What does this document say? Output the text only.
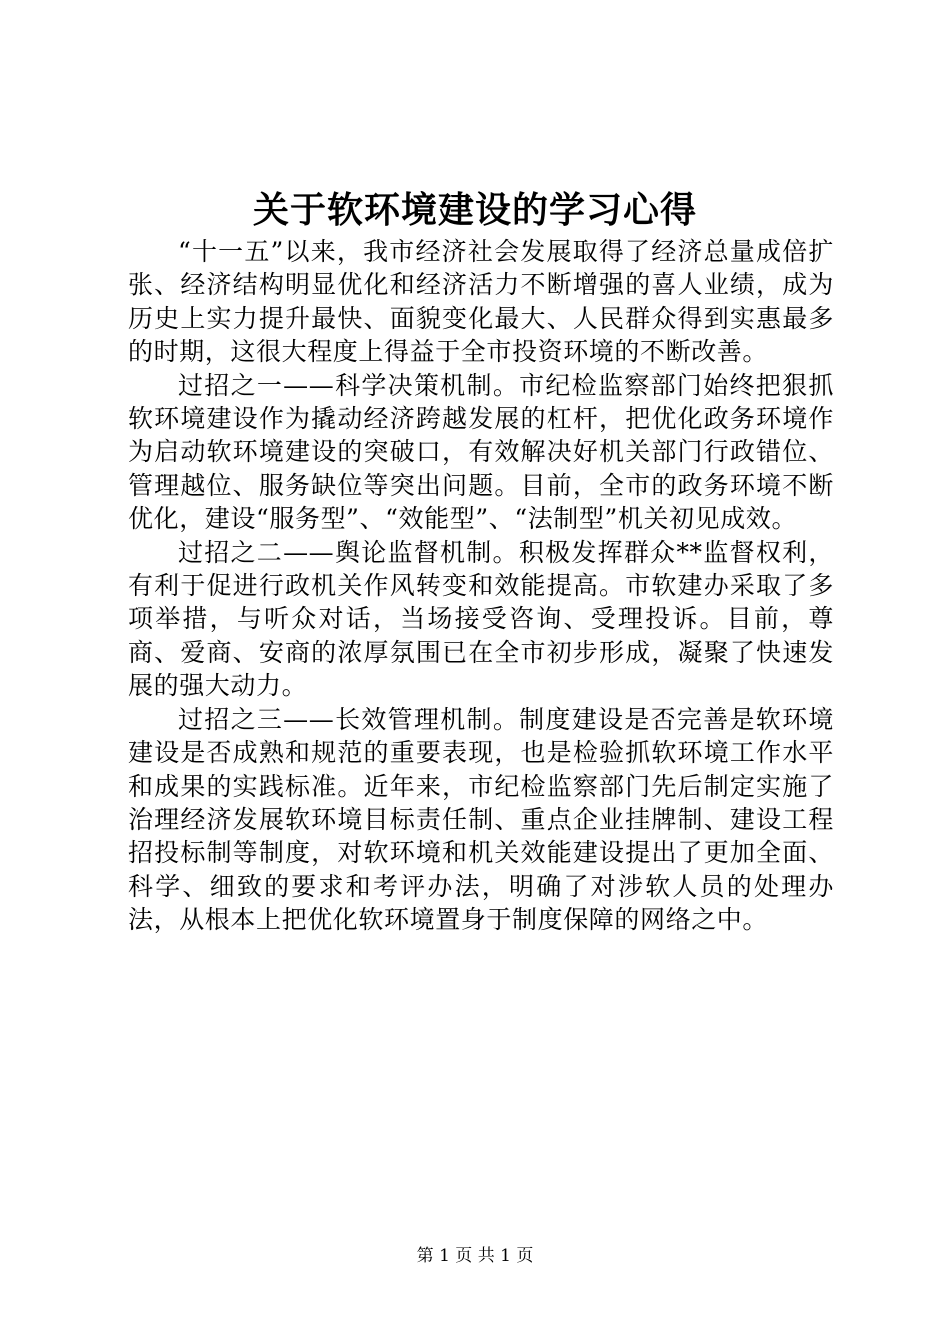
关于软环境建设的学习心得

“十一五”以来，我市经济社会发展取得了经济总量成倍扩张、经济结构明显优化和经济活力不断增强的喜人业绩，成为历史上实力提升最快、面貌变化最大、人民群众得到实惠最多的时期，这很大程度上得益于全市投资环境的不断改善。

过招之一——科学决策机制。市纪检监察部门始终把狠抓软环境建设作为撬动经济跨越发展的杠杆，把优化政务环境作为启动软环境建设的突破口，有效解决好机关部门行政错位、管理越位、服务缺位等突出问题。目前，全市的政务环境不断优化，建设“服务型”、“效能型”、“法制型”机关初见成效。

过招之二——舆论监督机制。积极发挥群众**监督权利，有利于促进行政机关作风转变和效能提高。市软建办采取了多项举措，与听众对话，当场接受咨询、受理投诉。目前，尊商、爱商、安商的浓厚氛围已在全市初步形成，凝聚了快速发展的强大动力。

过招之三——长效管理机制。制度建设是否完善是软环境建设是否成熟和规范的重要表现，也是检验抓软环境工作水平和成果的实践标准。近年来，市纪检监察部门先后制定实施了治理经济发展软环境目标责任制、重点企业挂牌制、建设工程招投标制等制度，对软环境和机关效能建设提出了更加全面、科学、细致的要求和考评办法，明确了对涉软人员的处理办法，从根本上把优化软环境置身于制度保障的网络之中。

第 1 页 共 1 页
